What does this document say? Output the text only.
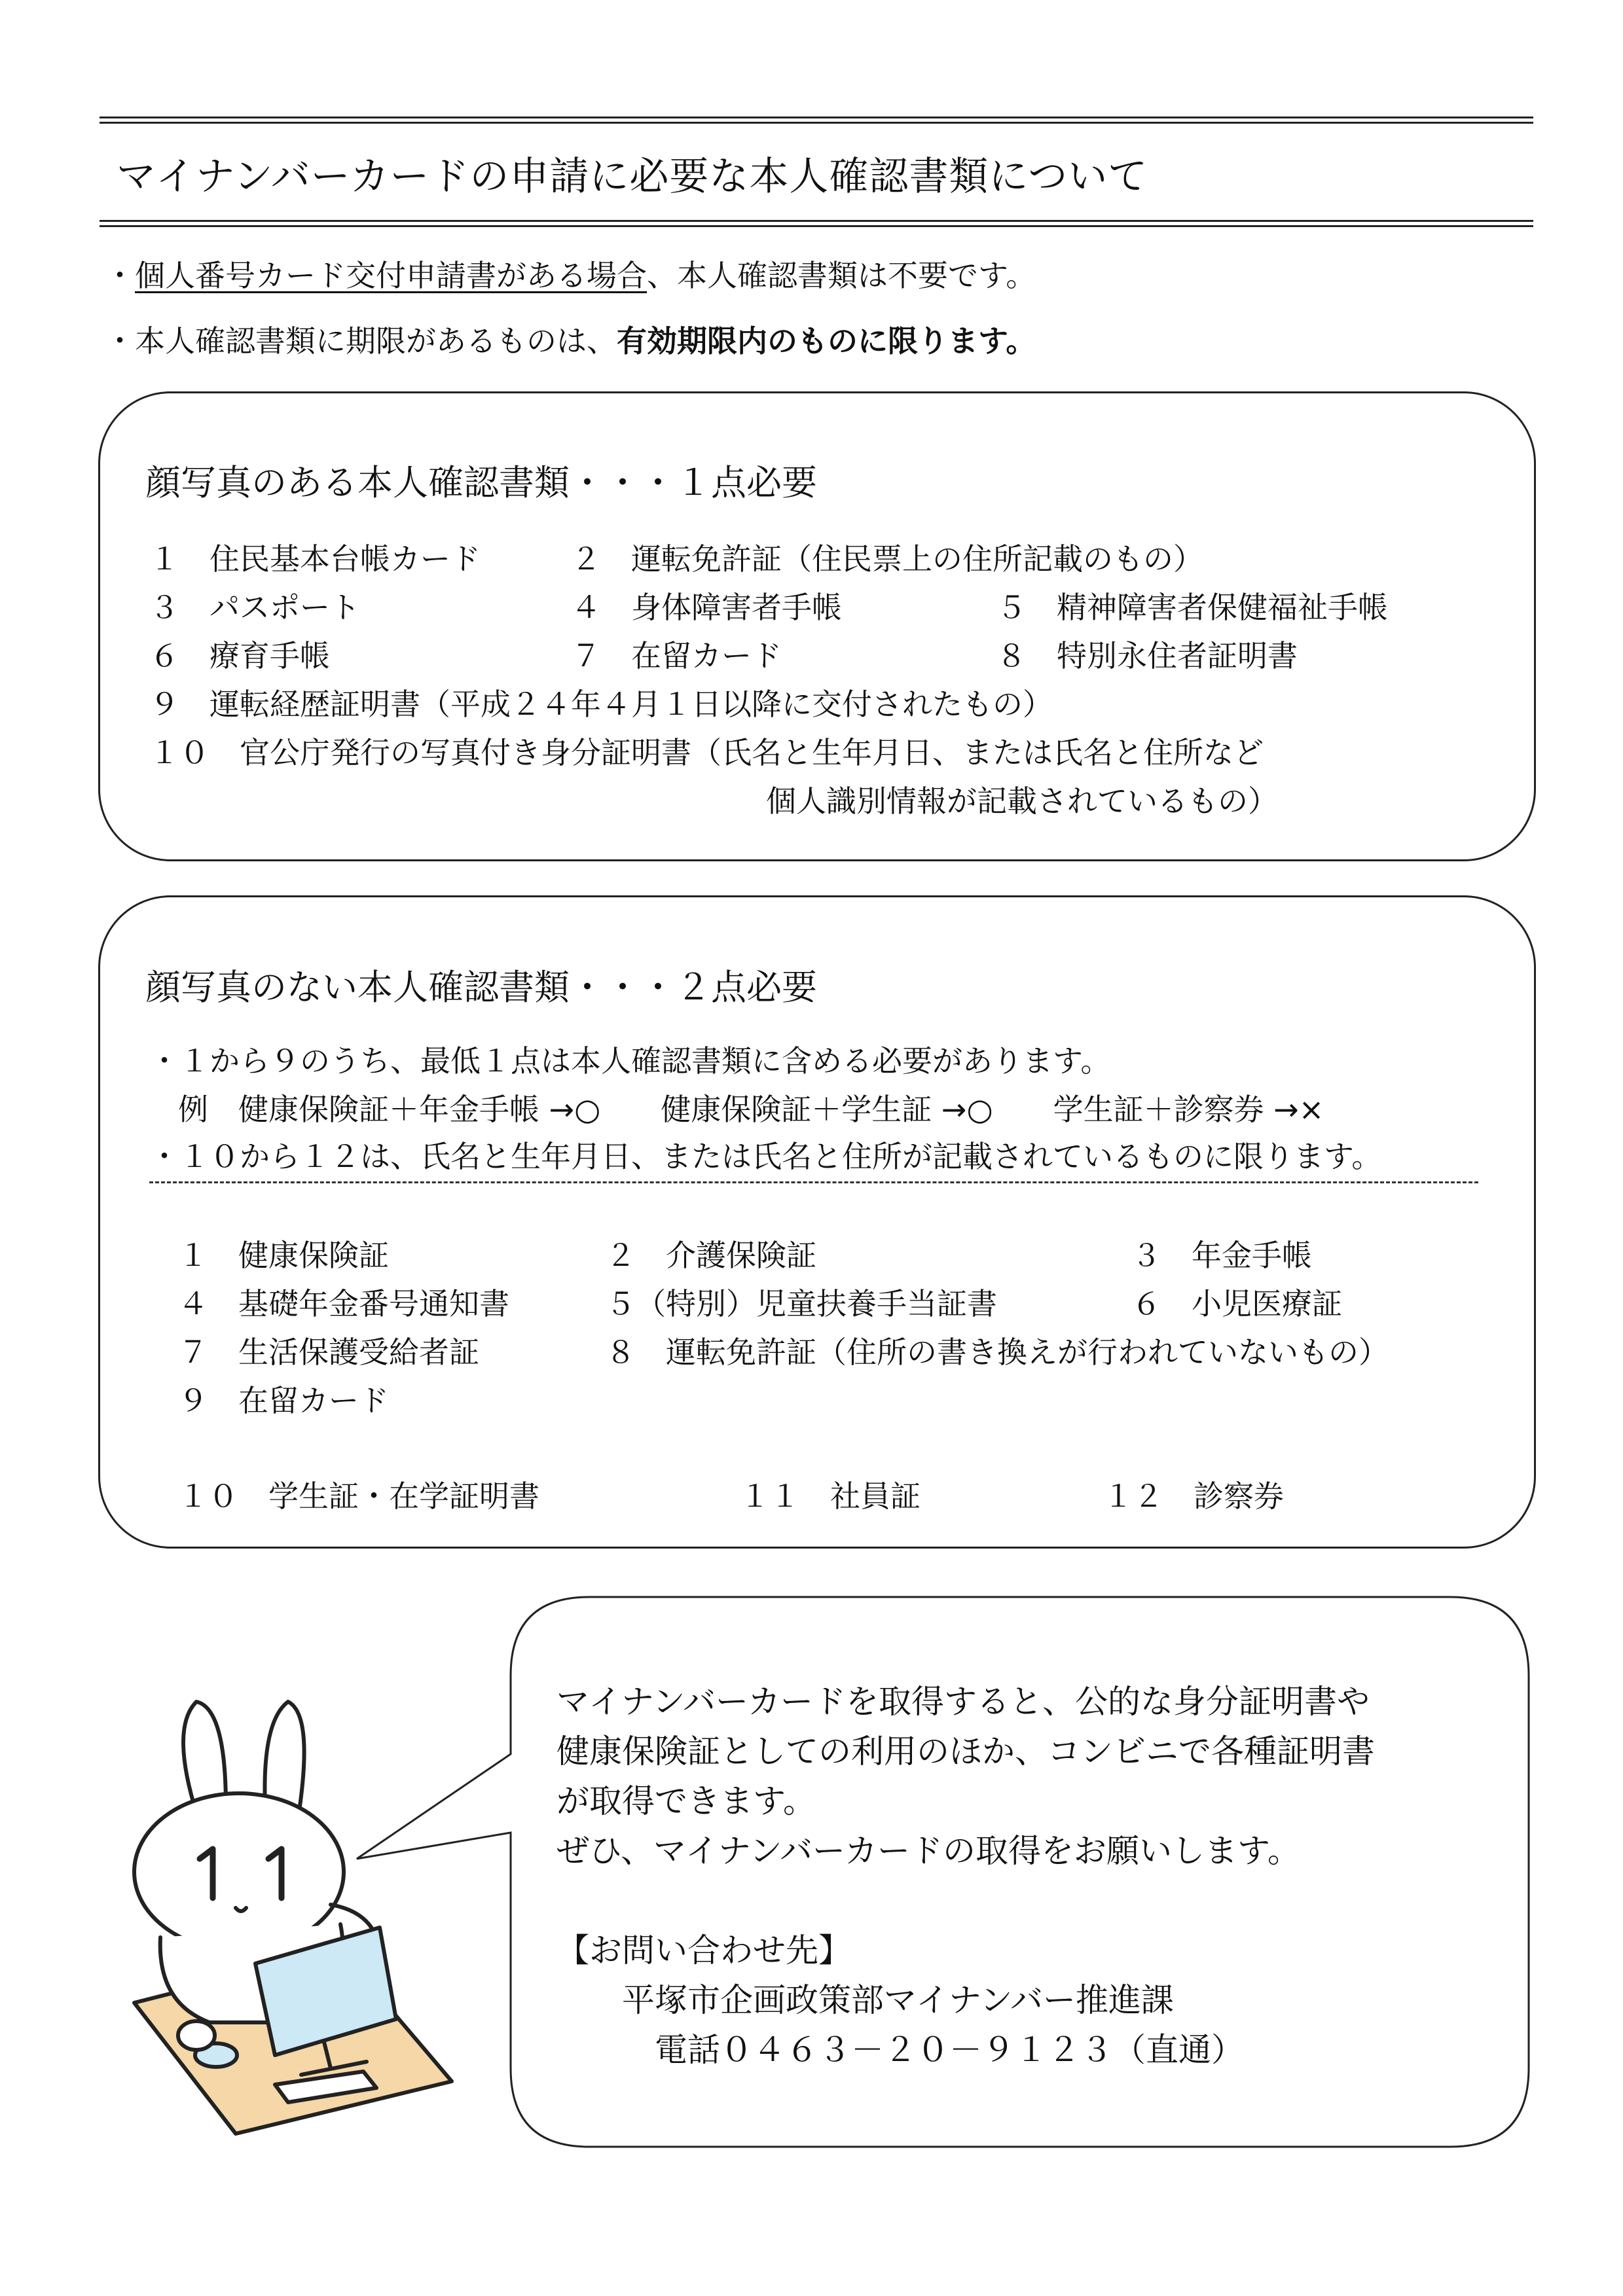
マイナンバーカードの申請に必要な本人確認書類について
・個人番号カード交付申請書がある場合、本人確認書類は不要です。
・本人確認書類に期限があるものは、有効期限内のものに限ります。
顔写真のある本人確認書類・・・１点必要
１　住民基本台帳カード	２　運転免許証（住民票上の住所記載のもの）
３　パスポート	４　身体障害者手帳	５　精神障害者保健福祉手帳
６　療育手帳	７　在留カード	８　特別永住者証明書
９　運転経歴証明書（平成２４年４月１日以降に交付されたもの）
１０　官公庁発行の写真付き身分証明書（氏名と生年月日、または氏名と住所など
個人識別情報が記載されているもの）
顔写真のない本人確認書類・・・２点必要
・１から９のうち、最低１点は本人確認書類に含める必要があります。
例　健康保険証＋年金手帳 →○　　健康保険証＋学生証 →○　　学生証＋診察券 →×
・１０から１２は、氏名と生年月日、または氏名と住所が記載されているものに限ります。
１　健康保険証	２　介護保険証	３　年金手帳
４　基礎年金番号通知書	５（特別）児童扶養手当証書	６　小児医療証
７　生活保護受給者証	８　運転免許証（住所の書き換えが行われていないもの）
９　在留カード
１０　学生証・在学証明書	１１　社員証	１２　診察券
マイナンバーカードを取得すると、公的な身分証明書や
健康保険証としての利用のほか、コンビニで各種証明書
が取得できます。
ぜひ、マイナンバーカードの取得をお願いします。
【お問い合わせ先】
平塚市企画政策部マイナンバー推進課
電話０４６３－２０－９１２３（直通）
